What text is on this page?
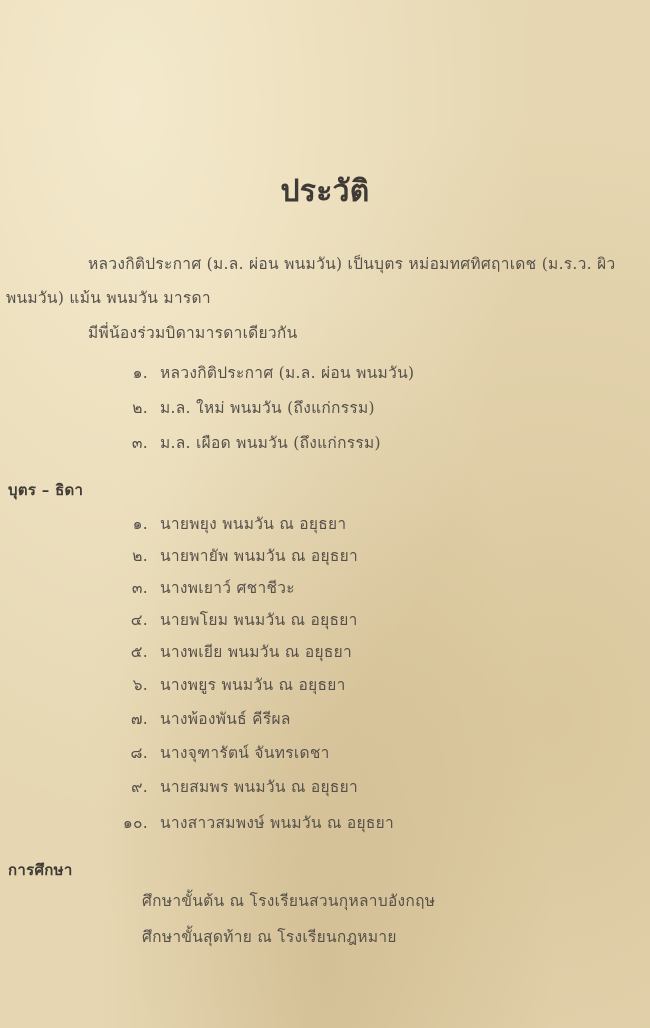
ประวัติ
หลวงกิติประกาศ (ม.ล. ผ่อน พนมวัน) เป็นบุตร หม่อมทศทิศฤาเดช (ม.ร.ว. ผิว
พนมวัน) แม้น พนมวัน มารดา
มีพี่น้องร่วมบิดามารดาเดียวกัน
๑. หลวงกิติประกาศ (ม.ล. ผ่อน พนมวัน)
๒. ม.ล. ใหม่ พนมวัน (ถึงแก่กรรม)
๓. ม.ล. เผือด พนมวัน (ถึงแก่กรรม)
บุตร – ธิดา
๑. นายพยุง พนมวัน ณ อยุธยา
๒. นายพายัพ พนมวัน ณ อยุธยา
๓. นางพเยาว์ ศชาชีวะ
๔. นายพโยม พนมวัน ณ อยุธยา
๕. นางพเยีย พนมวัน ณ อยุธยา
๖. นางพยูร พนมวัน ณ อยุธยา
๗. นางพ้องพันธ์ คีรีผล
๘. นางจุฑารัตน์ จันทรเดชา
๙. นายสมพร พนมวัน ณ อยุธยา
๑๐. นางสาวสมพงษ์ พนมวัน ณ อยุธยา
การศึกษา
ศึกษาขั้นต้น ณ โรงเรียนสวนกุหลาบอังกฤษ
ศึกษาขั้นสุดท้าย ณ โรงเรียนกฎหมาย
